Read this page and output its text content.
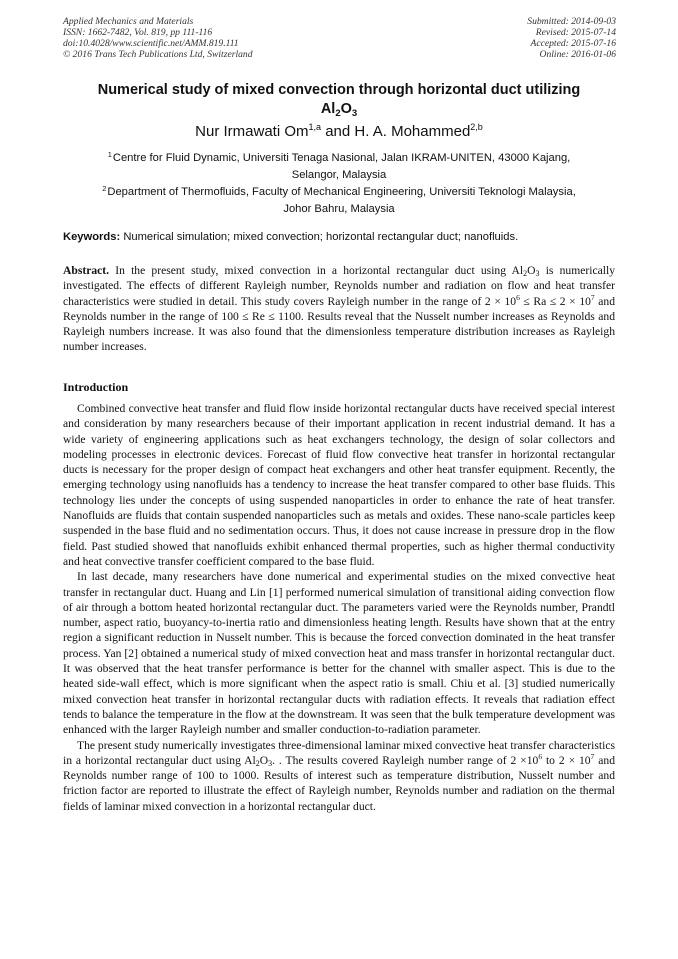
Applied Mechanics and Materials
ISSN: 1662-7482, Vol. 819, pp 111-116
doi:10.4028/www.scientific.net/AMM.819.111
© 2016 Trans Tech Publications Ltd, Switzerland
Submitted: 2014-09-03
Revised: 2015-07-14
Accepted: 2015-07-16
Online: 2016-01-06
Numerical study of mixed convection through horizontal duct utilizing
$Al_2O_3$
Nur Irmawati Om$^{1,a}$ and H. A. Mohammed$^{2,b}$
$^1$Centre for Fluid Dynamic, Universiti Tenaga Nasional, Jalan IKRAM-UNITEN, 43000 Kajang,
Selangor, Malaysia
$^2$Department of Thermofluids, Faculty of Mechanical Engineering, Universiti Teknologi Malaysia,
Johor Bahru, Malaysia
Keywords: Numerical simulation; mixed convection; horizontal rectangular duct; nanofluids.

Abstract. In the present study, mixed convection in a horizontal rectangular duct using $Al_2O_3$ is numerically investigated. The effects of different Rayleigh number, Reynolds number and radiation on flow and heat transfer characteristics were studied in detail. This study covers Rayleigh number in the range of $2 \times 10^6 \le Ra \le 2 \times 10^7$ and Reynolds number in the range of 100 ≤ Re ≤ 1100. Results reveal that the Nusselt number increases as Reynolds and Rayleigh numbers increase. It was also found that the dimensionless temperature distribution increases as Rayleigh number increases.

Introduction

Combined convective heat transfer and fluid flow inside horizontal rectangular ducts have received special interest and consideration by many researchers because of their important application in recent industrial demand. It has a wide variety of engineering applications such as heat exchangers technology, the design of solar collectors and modeling processes in electronic devices. Forecast of fluid flow convective heat transfer in horizontal rectangular ducts is necessary for the proper design of compact heat exchangers and other heat transfer equipment. Recently, the emerging technology using nanofluids has a tendency to increase the heat transfer compared to other base fluids. This technology lies under the concepts of using suspended nanoparticles in order to enhance the rate of heat transfer. Nanofluids are fluids that contain suspended nanoparticles such as metals and oxides. These nano-scale particles keep suspended in the base fluid and no sedimentation occurs. Thus, it does not cause increase in pressure drop in the flow field. Past studied showed that nanofluids exhibit enhanced thermal properties, such as higher thermal conductivity and heat convective transfer coefficient compared to the base fluid.

In last decade, many researchers have done numerical and experimental studies on the mixed convective heat transfer in rectangular duct. Huang and Lin [1] performed numerical simulation of transitional aiding convection flow of air through a bottom heated horizontal rectangular duct. The parameters varied were the Reynolds number, Prandtl number, aspect ratio, buoyancy-to-inertia ratio and dimensionless heating length. Results have shown that at the entry region a significant reduction in Nusselt number. This is because the forced convection dominated in the heat transfer process. Yan [2] obtained a numerical study of mixed convection heat and mass transfer in horizontal rectangular duct. It was observed that the heat transfer performance is better for the channel with smaller aspect. This is due to the heated side-wall effect, which is more significant when the aspect ratio is small. Chiu et al. [3] studied numerically mixed convection heat transfer in horizontal rectangular ducts with radiation effects. It reveals that radiation effect tends to balance the temperature in the flow at the downstream. It was seen that the bulk temperature development was enhanced with the larger Rayleigh number and smaller conduction-to-radiation parameter.

The present study numerically investigates three-dimensional laminar mixed convective heat transfer characteristics in a horizontal rectangular duct using $Al_2O_3$. . The results covered Rayleigh number range of $2 \times 10^6$ to $2 \times 10^7$ and Reynolds number range of 100 to 1000. Results of interest such as temperature distribution, Nusselt number and friction factor are reported to illustrate the effect of Rayleigh number, Reynolds number and radiation on the thermal fields of laminar mixed convection in a horizontal rectangular duct.
